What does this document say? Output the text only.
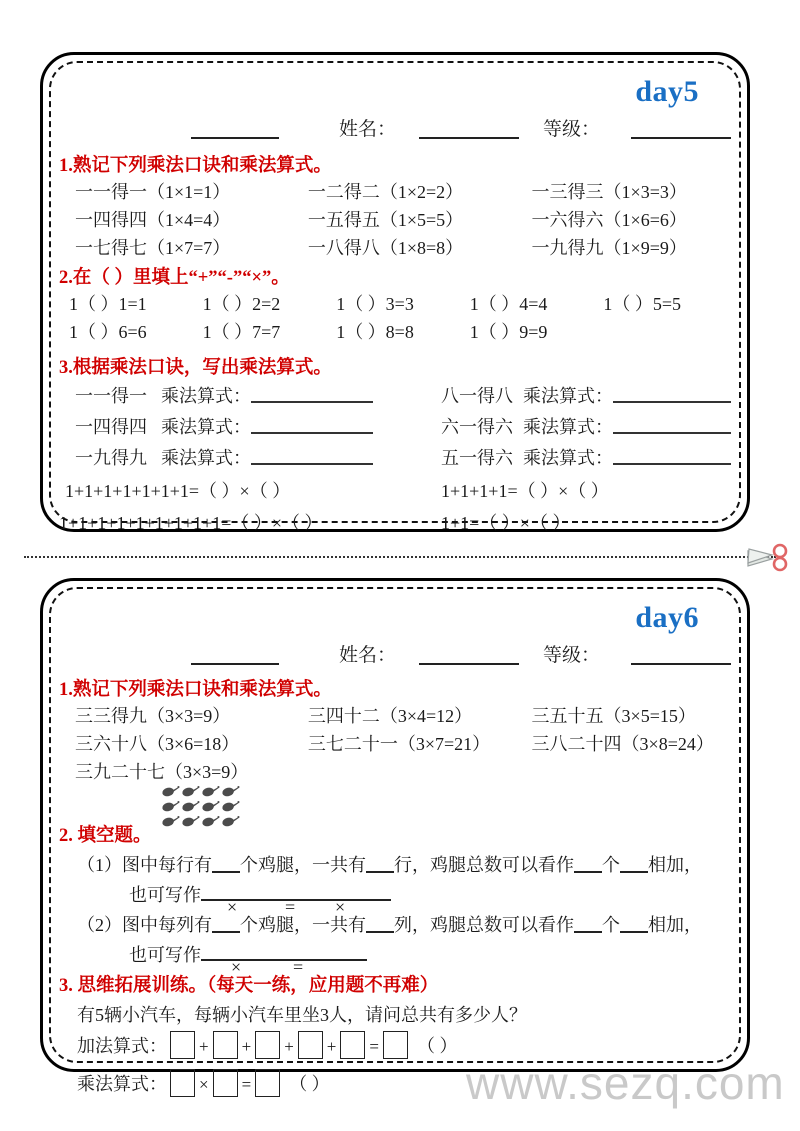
day5
姓名：	等级：
1.熟记下列乘法口诀和乘法算式。
一一得一（1×1=1）	一二得二（1×2=2）	一三得三（1×3=3）
一四得四（1×4=4）	一五得五（1×5=5）	一六得六（1×6=6）
一七得七（1×7=7）	一八得八（1×8=8）	一九得九（1×9=9）
2.在（ ）里填上“+”“-”“×”。
1（ ）1=1	1（ ）2=2	1（ ）3=3	1（ ）4=4	1（ ）5=5
1（ ）6=6	1（ ）7=7	1（ ）8=8	1（ ）9=9
3.根据乘法口诀，写出乘法算式。
一一得一 乘法算式：	八一得八 乘法算式：
一四得四 乘法算式：	六一得六 乘法算式：
一九得九 乘法算式：	五一得六 乘法算式：
1+1+1+1+1+1+1=（ ）×（ ）	1+1+1+1=（ ）×（ ）
1+1+1+1+1+1+1+1+1=（ ）×（ ）	1+1=（ ）×（ ）
day6
姓名：	等级：
1.熟记下列乘法口诀和乘法算式。
三三得九（3×3=9）	三四十二（3×4=12）	三五十五（3×5=15）
三六十八（3×6=18）	三七二十一（3×7=21）	三八二十四（3×8=24）
三九二十七（3×3=9）
2. 填空题。
（1）图中每行有 个鸡腿，一共有 行，鸡腿总数可以看作 个 相加，
也可写作
×	= ×
（2）图中每列有 个鸡腿，一共有 列，鸡腿总数可以看作 个 相加，
也可写作
×	=
3. 思维拓展训练。（每天一练，应用题不再难）
有5辆小汽车，每辆小汽车里坐3人，请问总共有多少人？
加法算式： + + + + = （ ）
乘法算式： × = （ ）	www.sezq.com
